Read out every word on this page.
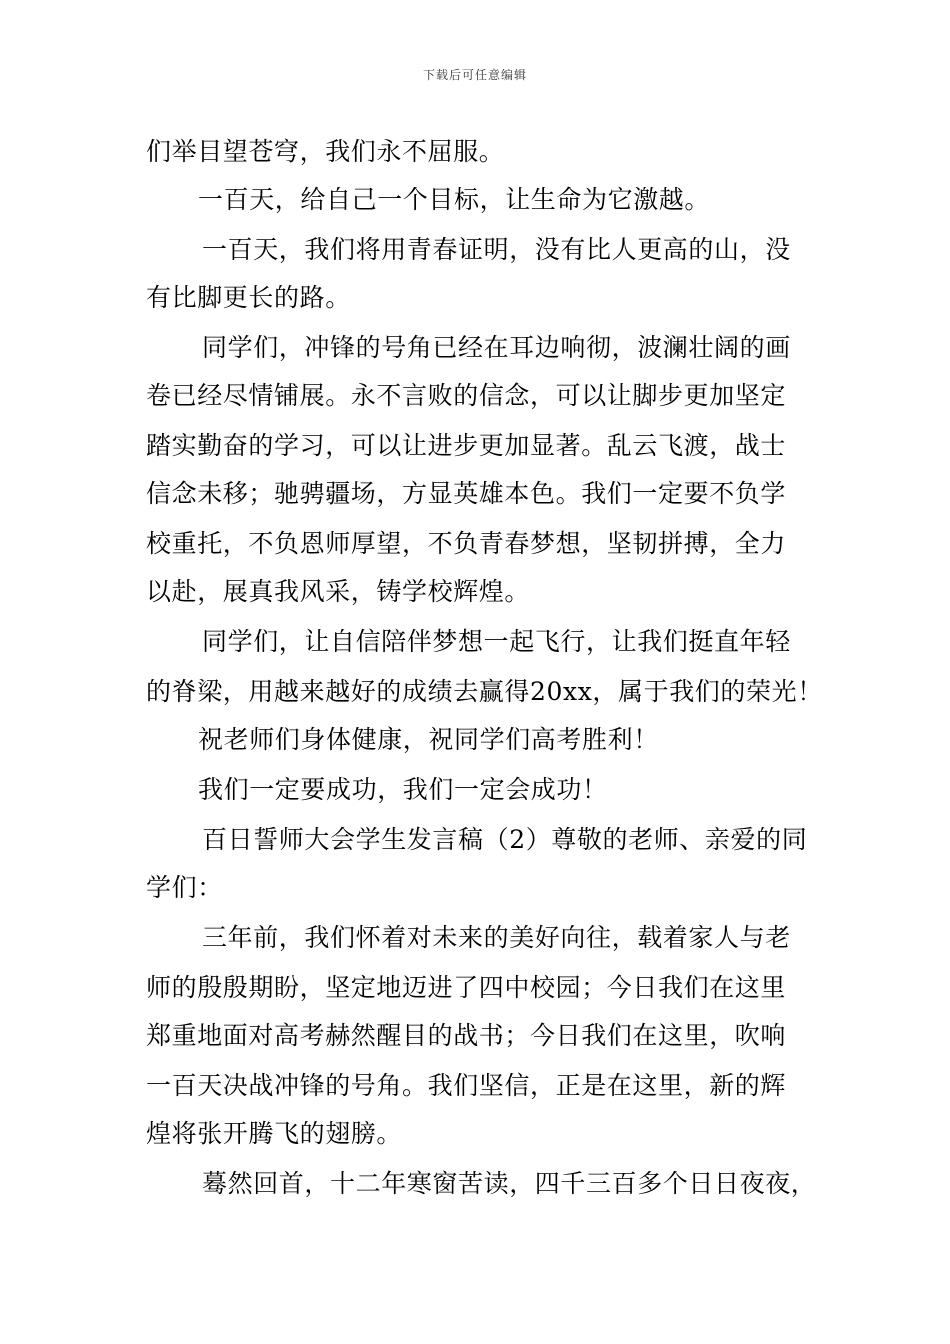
下载后可任意编辑

们举目望苍穹，我们永不屈服。

一百天，给自己一个目标，让生命为它激越。

一百天，我们将用青春证明，没有比人更高的山，没

有比脚更长的路。

同学们，冲锋的号角已经在耳边响彻，波澜壮阔的画

卷已经尽情铺展。永不言败的信念，可以让脚步更加坚定

踏实勤奋的学习，可以让进步更加显著。乱云飞渡，战士

信念未移；驰骋疆场，方显英雄本色。我们一定要不负学

校重托，不负恩师厚望，不负青春梦想，坚韧拼搏，全力

以赴，展真我风采，铸学校辉煌。

同学们，让自信陪伴梦想一起飞行，让我们挺直年轻

的脊梁，用越来越好的成绩去赢得20xx，属于我们的荣光！

祝老师们身体健康，祝同学们高考胜利！

我们一定要成功，我们一定会成功！

百日誓师大会学生发言稿（2）尊敬的老师、亲爱的同

学们：

三年前，我们怀着对未来的美好向往，载着家人与老

师的殷殷期盼，坚定地迈进了四中校园；今日我们在这里

郑重地面对高考赫然醒目的战书；今日我们在这里，吹响

一百天决战冲锋的号角。我们坚信，正是在这里，新的辉

煌将张开腾飞的翅膀。

蓦然回首，十二年寒窗苦读，四千三百多个日日夜夜，
